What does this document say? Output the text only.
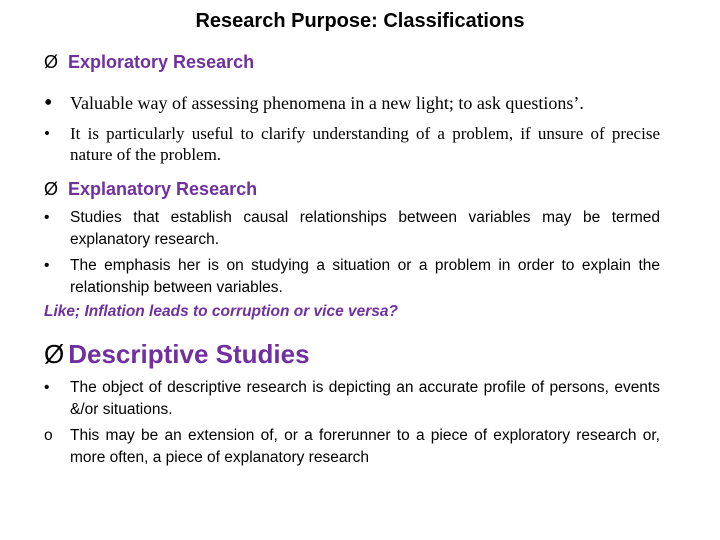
Research Purpose: Classifications
Ø Exploratory Research
• Valuable way of assessing phenomena in a new light; to ask questions’.
•	It is particularly useful to clarify understanding of a problem, if unsure of precise nature of the problem.
Ø Explanatory Research
•	Studies that establish causal relationships between variables may be termed explanatory research.
•	The emphasis her is on studying a situation or a problem in order to explain the relationship between variables.
Like; Inflation leads to corruption or vice versa?
Ø Descriptive Studies
•	The object of descriptive research is depicting an accurate profile of persons, events &/or situations.
o	This may be an extension of, or a forerunner to a piece of exploratory research or, more often, a piece of explanatory research
